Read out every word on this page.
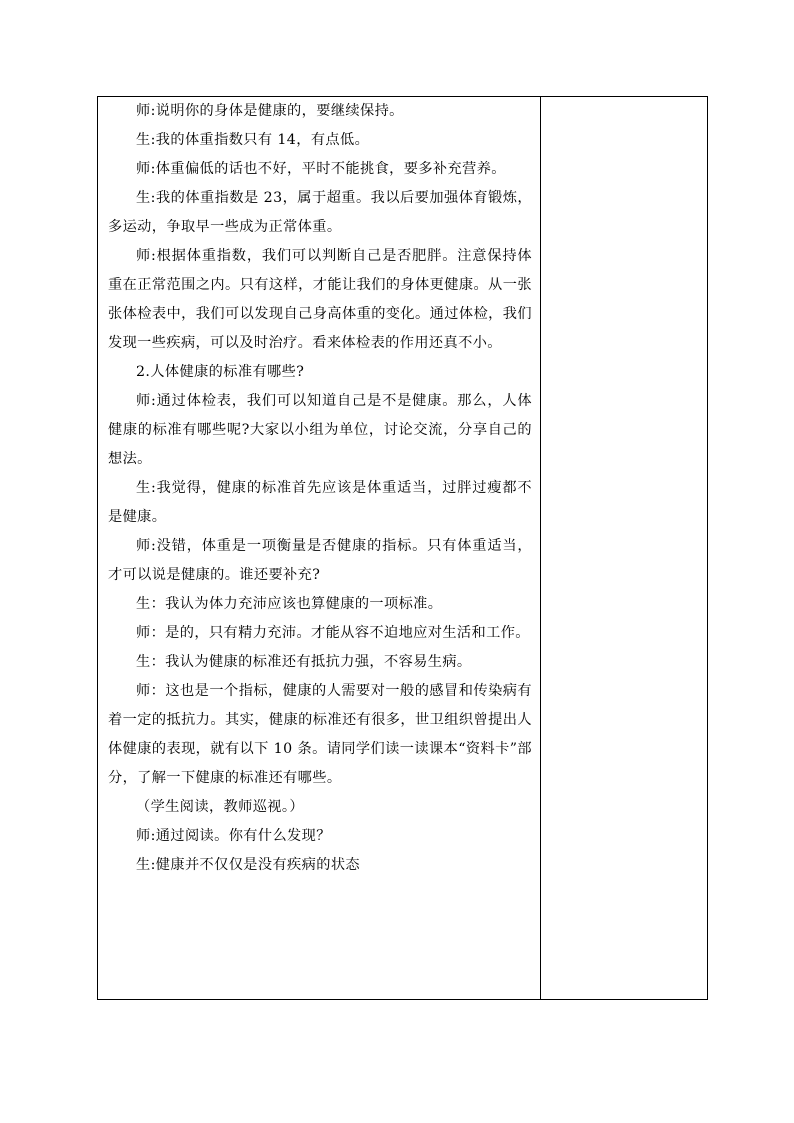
师:说明你的身体是健康的，要继续保持。

生:我的体重指数只有 14，有点低。

师:体重偏低的话也不好，平时不能挑食，要多补充营养。

生:我的体重指数是 23，属于超重。我以后要加强体育锻炼，多运动，争取早一些成为正常体重。

师:根据体重指数，我们可以判断自己是否肥胖。注意保持体重在正常范围之内。只有这样，才能让我们的身体更健康。从一张张体检表中，我们可以发现自己身高体重的变化。通过体检，我们发现一些疾病，可以及时治疗。看来体检表的作用还真不小。

2.人体健康的标准有哪些?

师:通过体检表，我们可以知道自己是不是健康。那么，人体健康的标准有哪些呢?大家以小组为单位，讨论交流，分享自己的想法。

生:我觉得，健康的标准首先应该是体重适当，过胖过瘦都不是健康。

师:没错，体重是一项衡量是否健康的指标。只有体重适当，才可以说是健康的。谁还要补充?

生：我认为体力充沛应该也算健康的一项标准。

师：是的，只有精力充沛。才能从容不迫地应对生活和工作。

生：我认为健康的标准还有抵抗力强，不容易生病。

师：这也是一个指标，健康的人需要对一般的感冒和传染病有着一定的抵抗力。其实，健康的标准还有很多，世卫组织曾提出人体健康的表现，就有以下 10 条。请同学们读一读课本“资料卡”部分，了解一下健康的标准还有哪些。

（学生阅读，教师巡视。）

师:通过阅读。你有什么发现？

生:健康并不仅仅是没有疾病的状态
